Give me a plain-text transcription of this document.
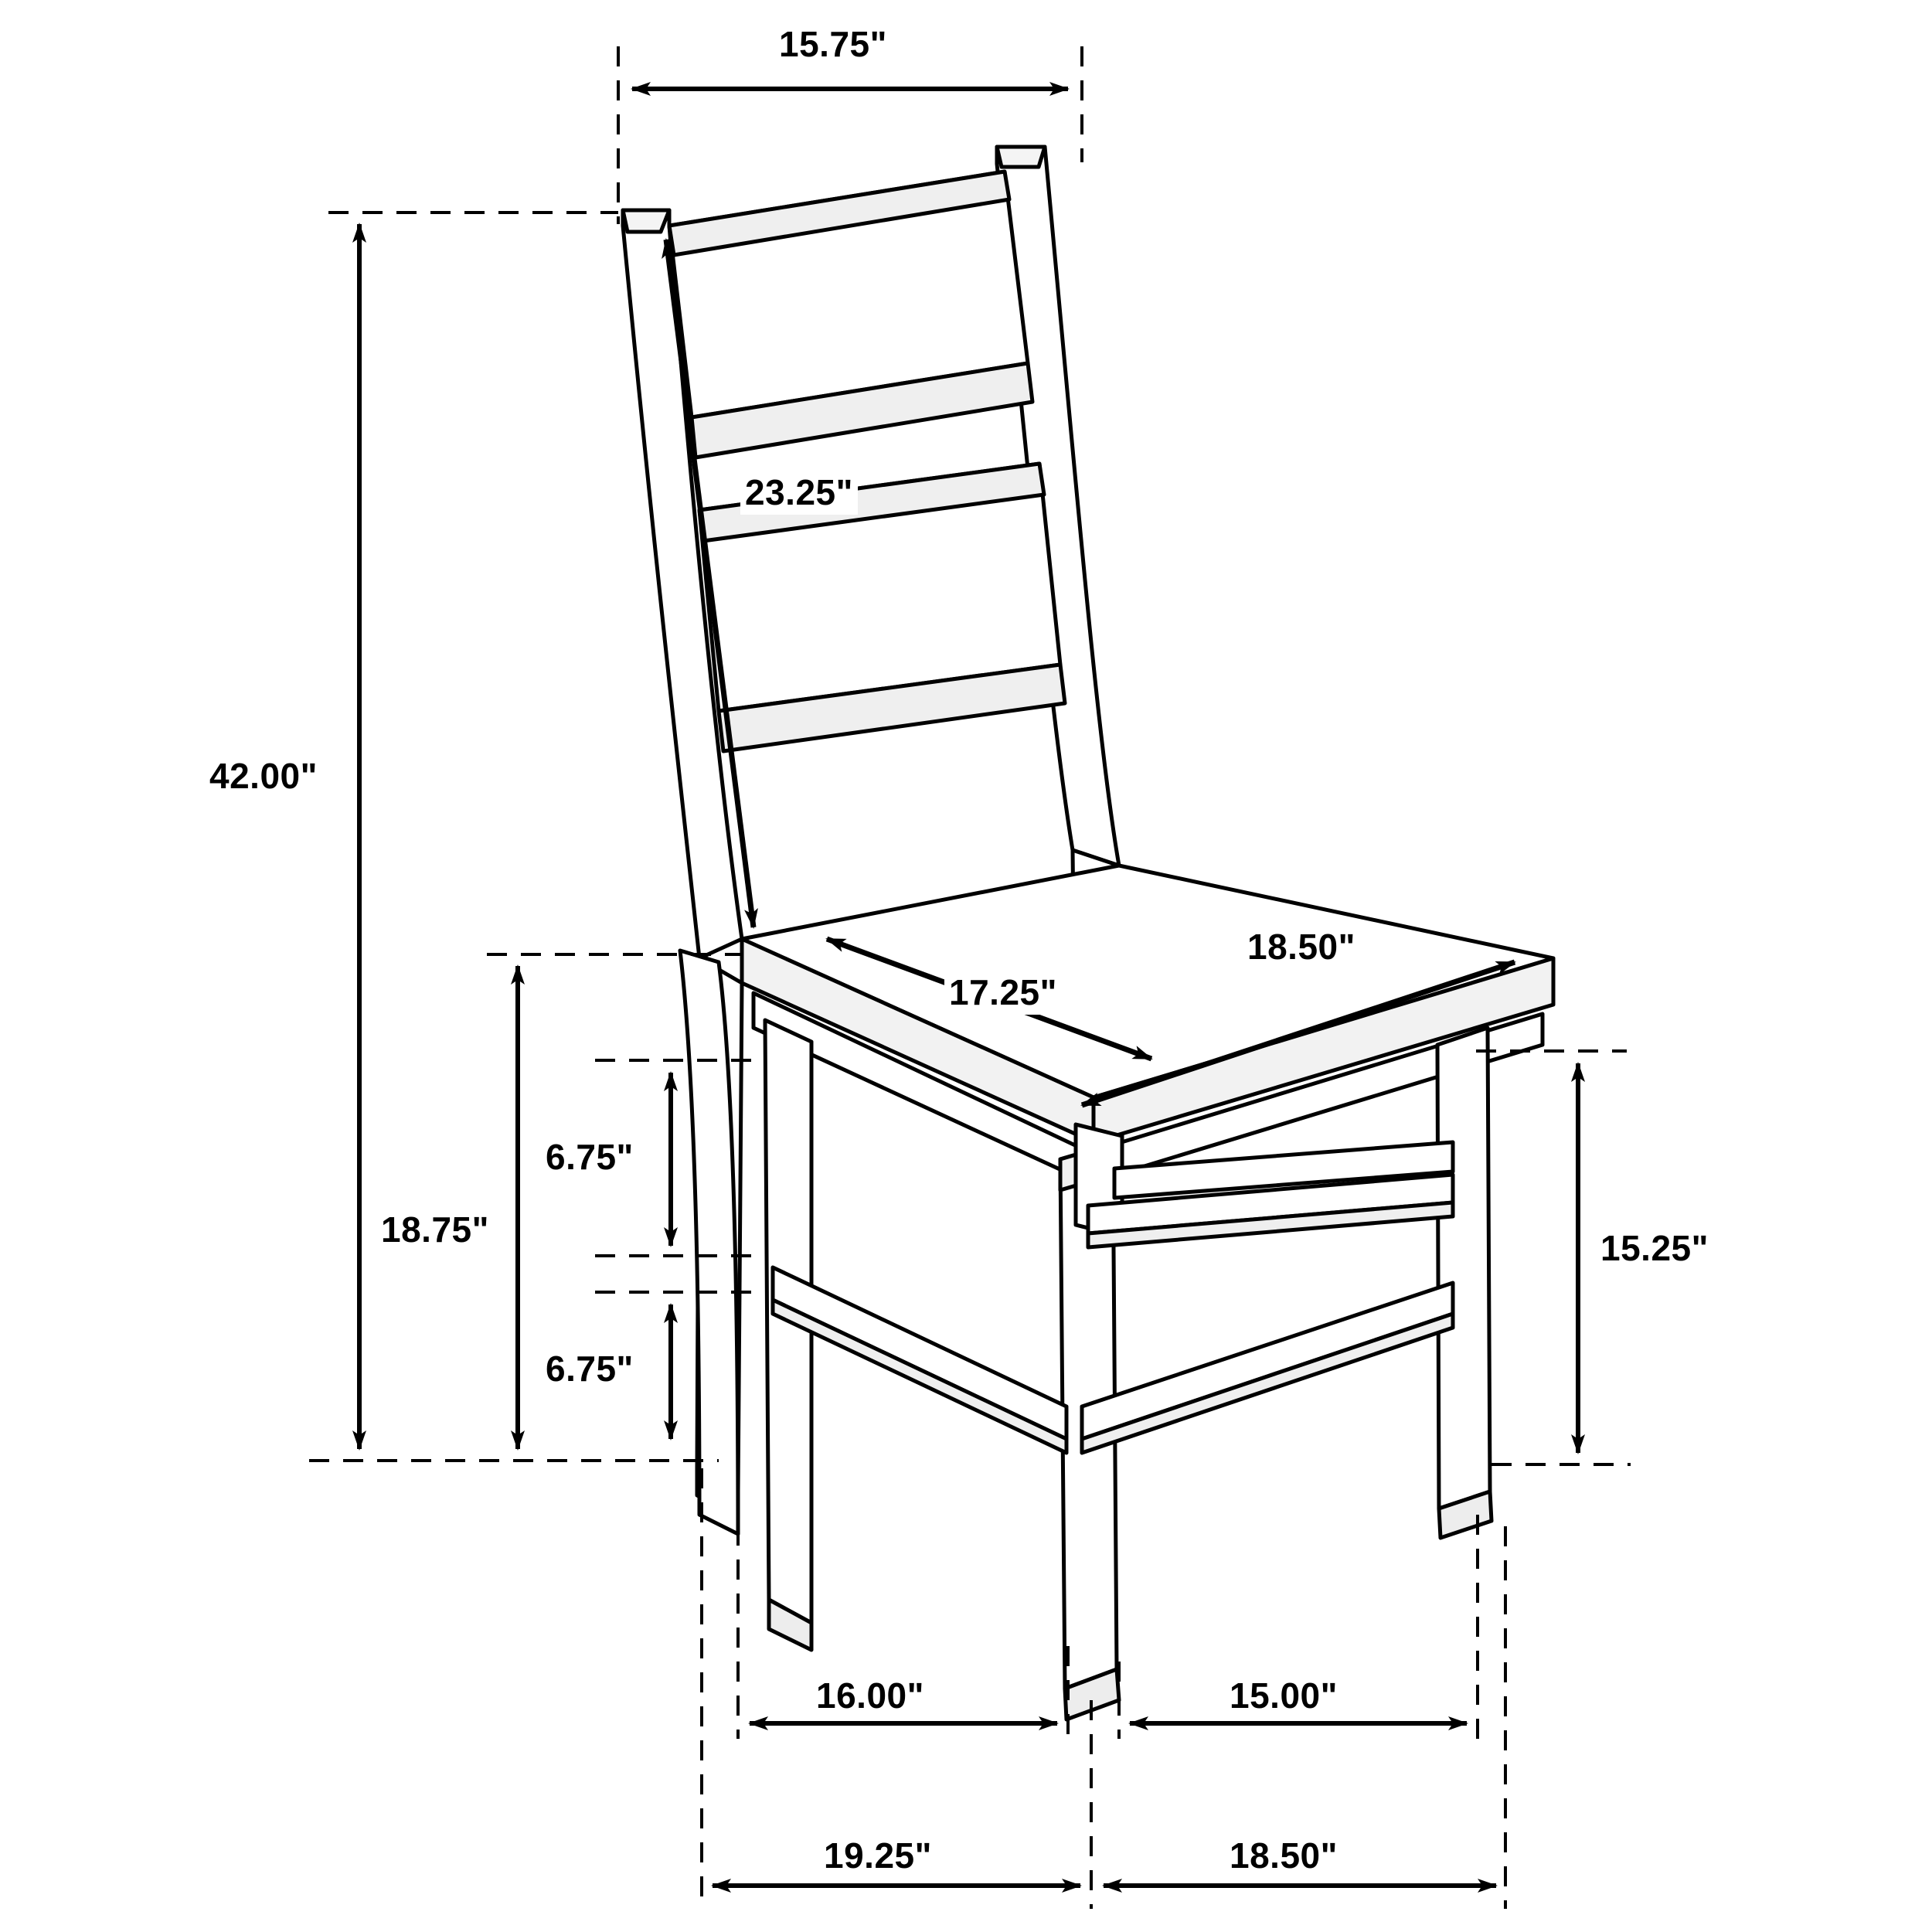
15.75"
42.00"
23.25"
17.25"
18.50"
18.75"
6.75"
6.75"
15.25"
16.00"	15.00"
19.25"	18.50"
